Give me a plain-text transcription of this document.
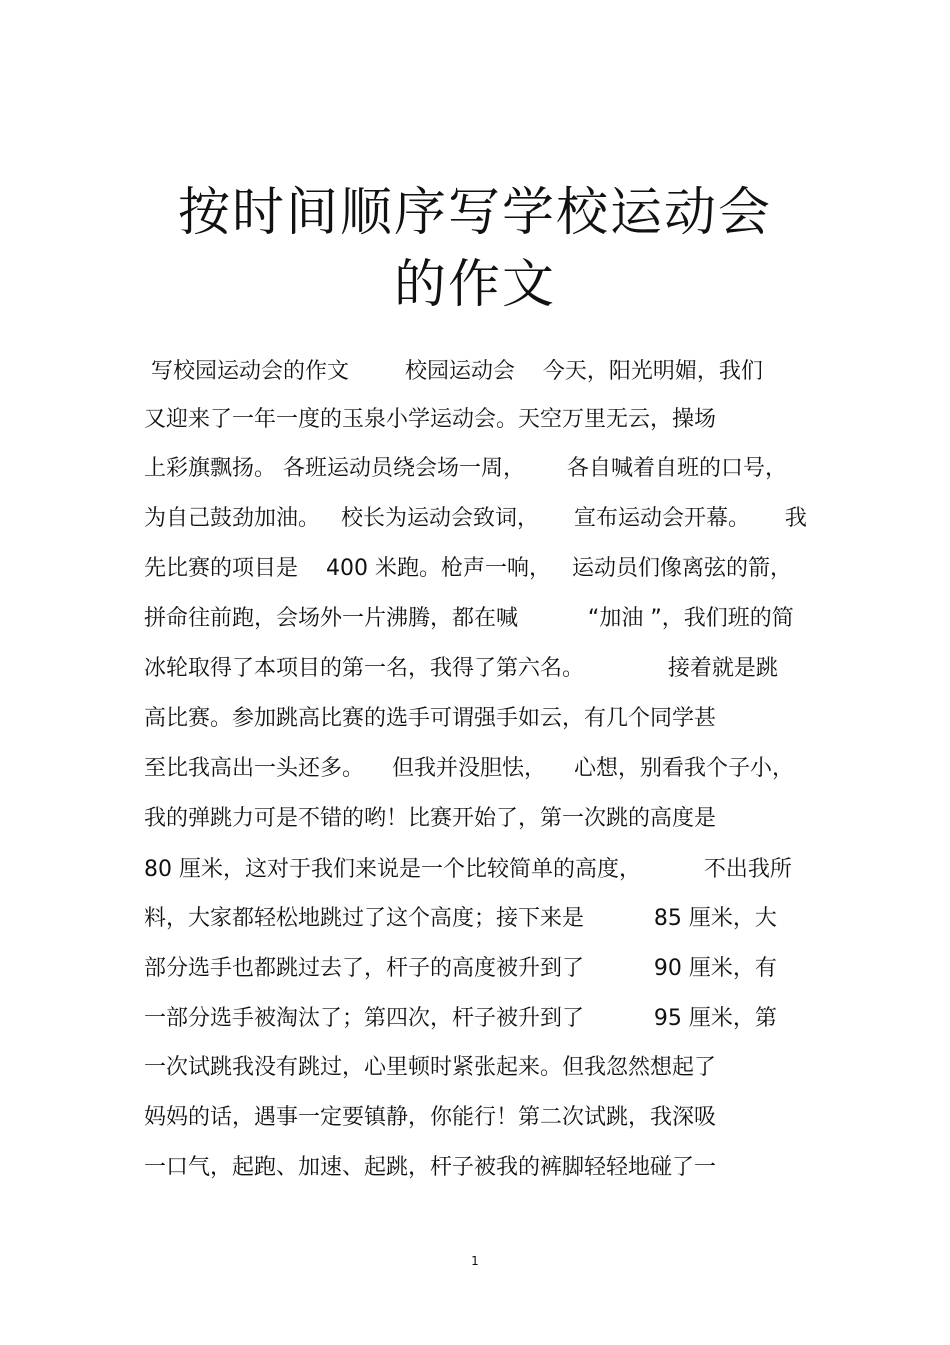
按时间顺序写学校运动会
的作文
写校园运动会的作文        校园运动会    今天，阳光明媚，我们
又迎来了一年一度的玉泉小学运动会。天空万里无云，操场
上彩旗飘扬。 各班运动员绕会场一周，      各自喊着自班的口号，
为自己鼓劲加油。   校长为运动会致词，     宣布运动会开幕。     我
先比赛的项目是    400 米跑。枪声一响，   运动员们像离弦的箭，
拼命往前跑，会场外一片沸腾，都在喊          “加油 ”，我们班的简
冰轮取得了本项目的第一名，我得了第六名。            接着就是跳
高比赛。参加跳高比赛的选手可谓强手如云，有几个同学甚
至比我高出一头还多。    但我并没胆怯，    心想，别看我个子小，
我的弹跳力可是不错的哟！比赛开始了，第一次跳的高度是
80 厘米，这对于我们来说是一个比较简单的高度，         不出我所
料，大家都轻松地跳过了这个高度；接下来是          85 厘米，大
部分选手也都跳过去了，杆子的高度被升到了          90 厘米，有
一部分选手被淘汰了；第四次，杆子被升到了          95 厘米，第
一次试跳我没有跳过，心里顿时紧张起来。但我忽然想起了
妈妈的话，遇事一定要镇静，你能行！第二次试跳，我深吸
一口气，起跑、加速、起跳，杆子被我的裤脚轻轻地碰了一
1
